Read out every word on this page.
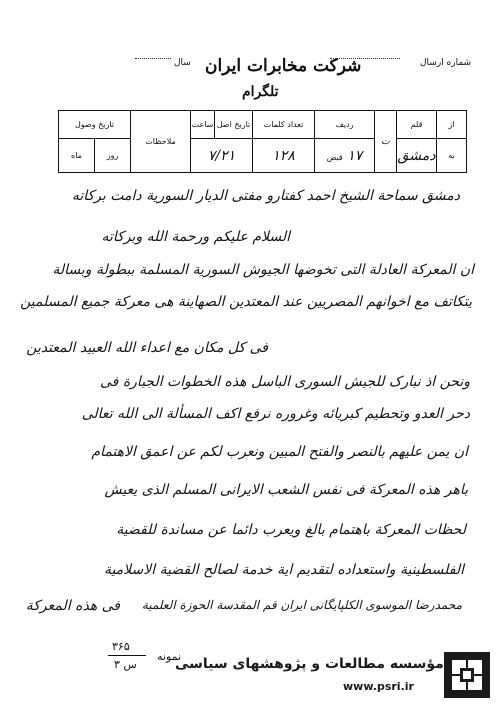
شماره ارسال
سال شرکت مخابرات ایران
تلگرام
از	قلم	ت	ردیف	تعداد کلمات	تاریخ اصل	ساعت	ملاحظات	تاریخ وصول	
به	دمشق		۱۷ قبض	۱۲۸	۷/۲۱			روز	ماه
دمشق سماحة الشیخ احمد کفتارو مفتی الدیار السوریة دامت برکاته
السلام علیکم ورحمة الله وبرکاته
ان المعرکة العادلة التی تخوضها الجیوش السوریة المسلمة ببطولة وبسالة
یتکاتف مع اخوانهم المصریین عند المعتدین الصهاینة هی معرکة جمیع المسلمین
فی کل مکان مع اعداء الله العبید المعتدین
ونحن اذ نبارک للجیش السوری الباسل هذه الخطوات الجبارة فی
دحر العدو وتحطیم کبریائه وغروره نرفع اکف المسألة الی الله تعالی
ان یمن علیهم بالنصر والفتح المبین ونعرب لکم عن اعمق الاهتمام
باهر هذه المعرکة فی نفس الشعب الایرانی المسلم الذی یعیش
لحظات المعرکة باهتمام بالغ ویعرب دائما عن مساندة للقضیة
الفلسطینیة واستعداده لتقدیم ایة خدمة لصالح القضیة الاسلامیة
فی هذه المعرکة محمدرضا الموسوی الکلپایگانی ایران قم المقدسة الحوزة العلمیة
نمونه
۳۶۵
س ۳	مؤسسه مطالعات و پژوهشهای سیاسی
www.psri.ir
